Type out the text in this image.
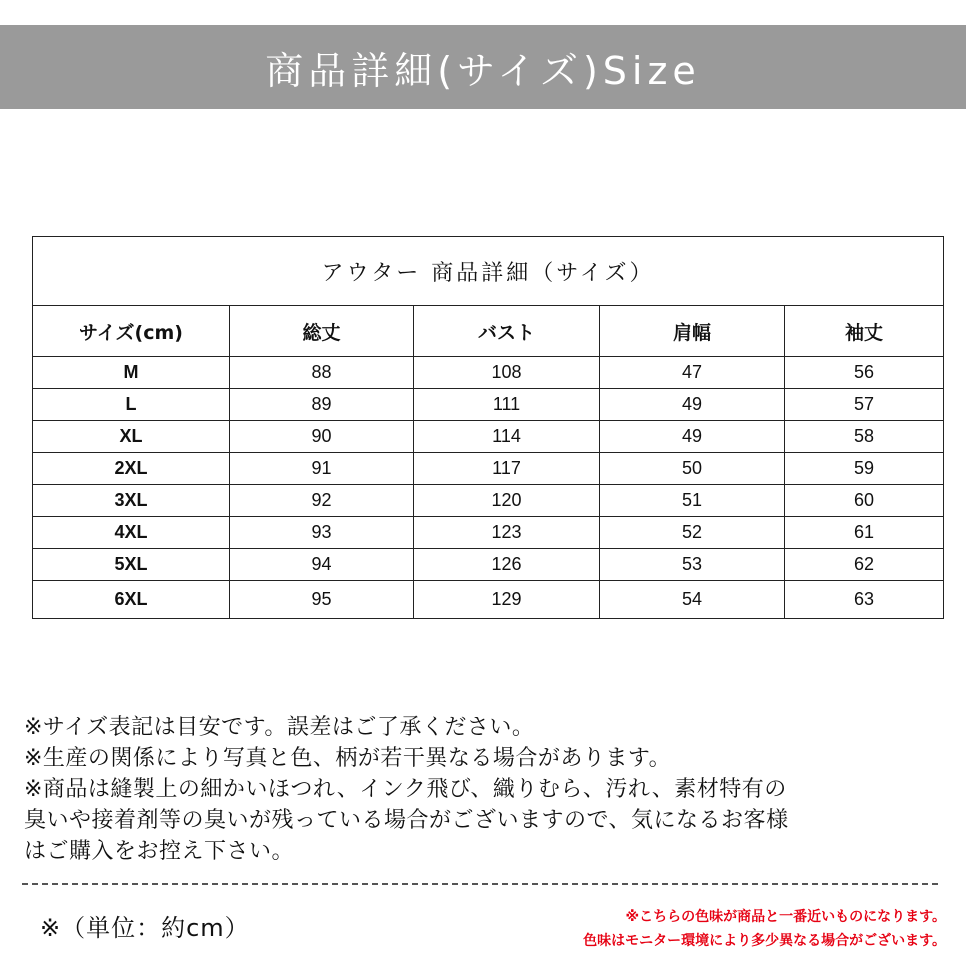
商品詳細(サイズ)Size
アウター 商品詳細（サイズ）				
サイズ(cm)	総丈	バスト	肩幅	袖丈
M	88	108	47	56
L	89	111	49	57
XL	90	114	49	58
2XL	91	117	50	59
3XL	92	120	51	60
4XL	93	123	52	61
5XL	94	126	53	62
6XL	95	129	54	63

※サイズ表記は目安です。誤差はご了承ください。

※生産の関係により写真と色、柄が若干異なる場合があります。

※商品は縫製上の細かいほつれ、インク飛び、織りむら、汚れ、素材特有の

臭いや接着剤等の臭いが残っている場合がございますので、気になるお客様

はご購入をお控え下さい。

※（単位：約cm）	※こちらの色味が商品と一番近いものになります。

色味はモニター環境により多少異なる場合がございます。
